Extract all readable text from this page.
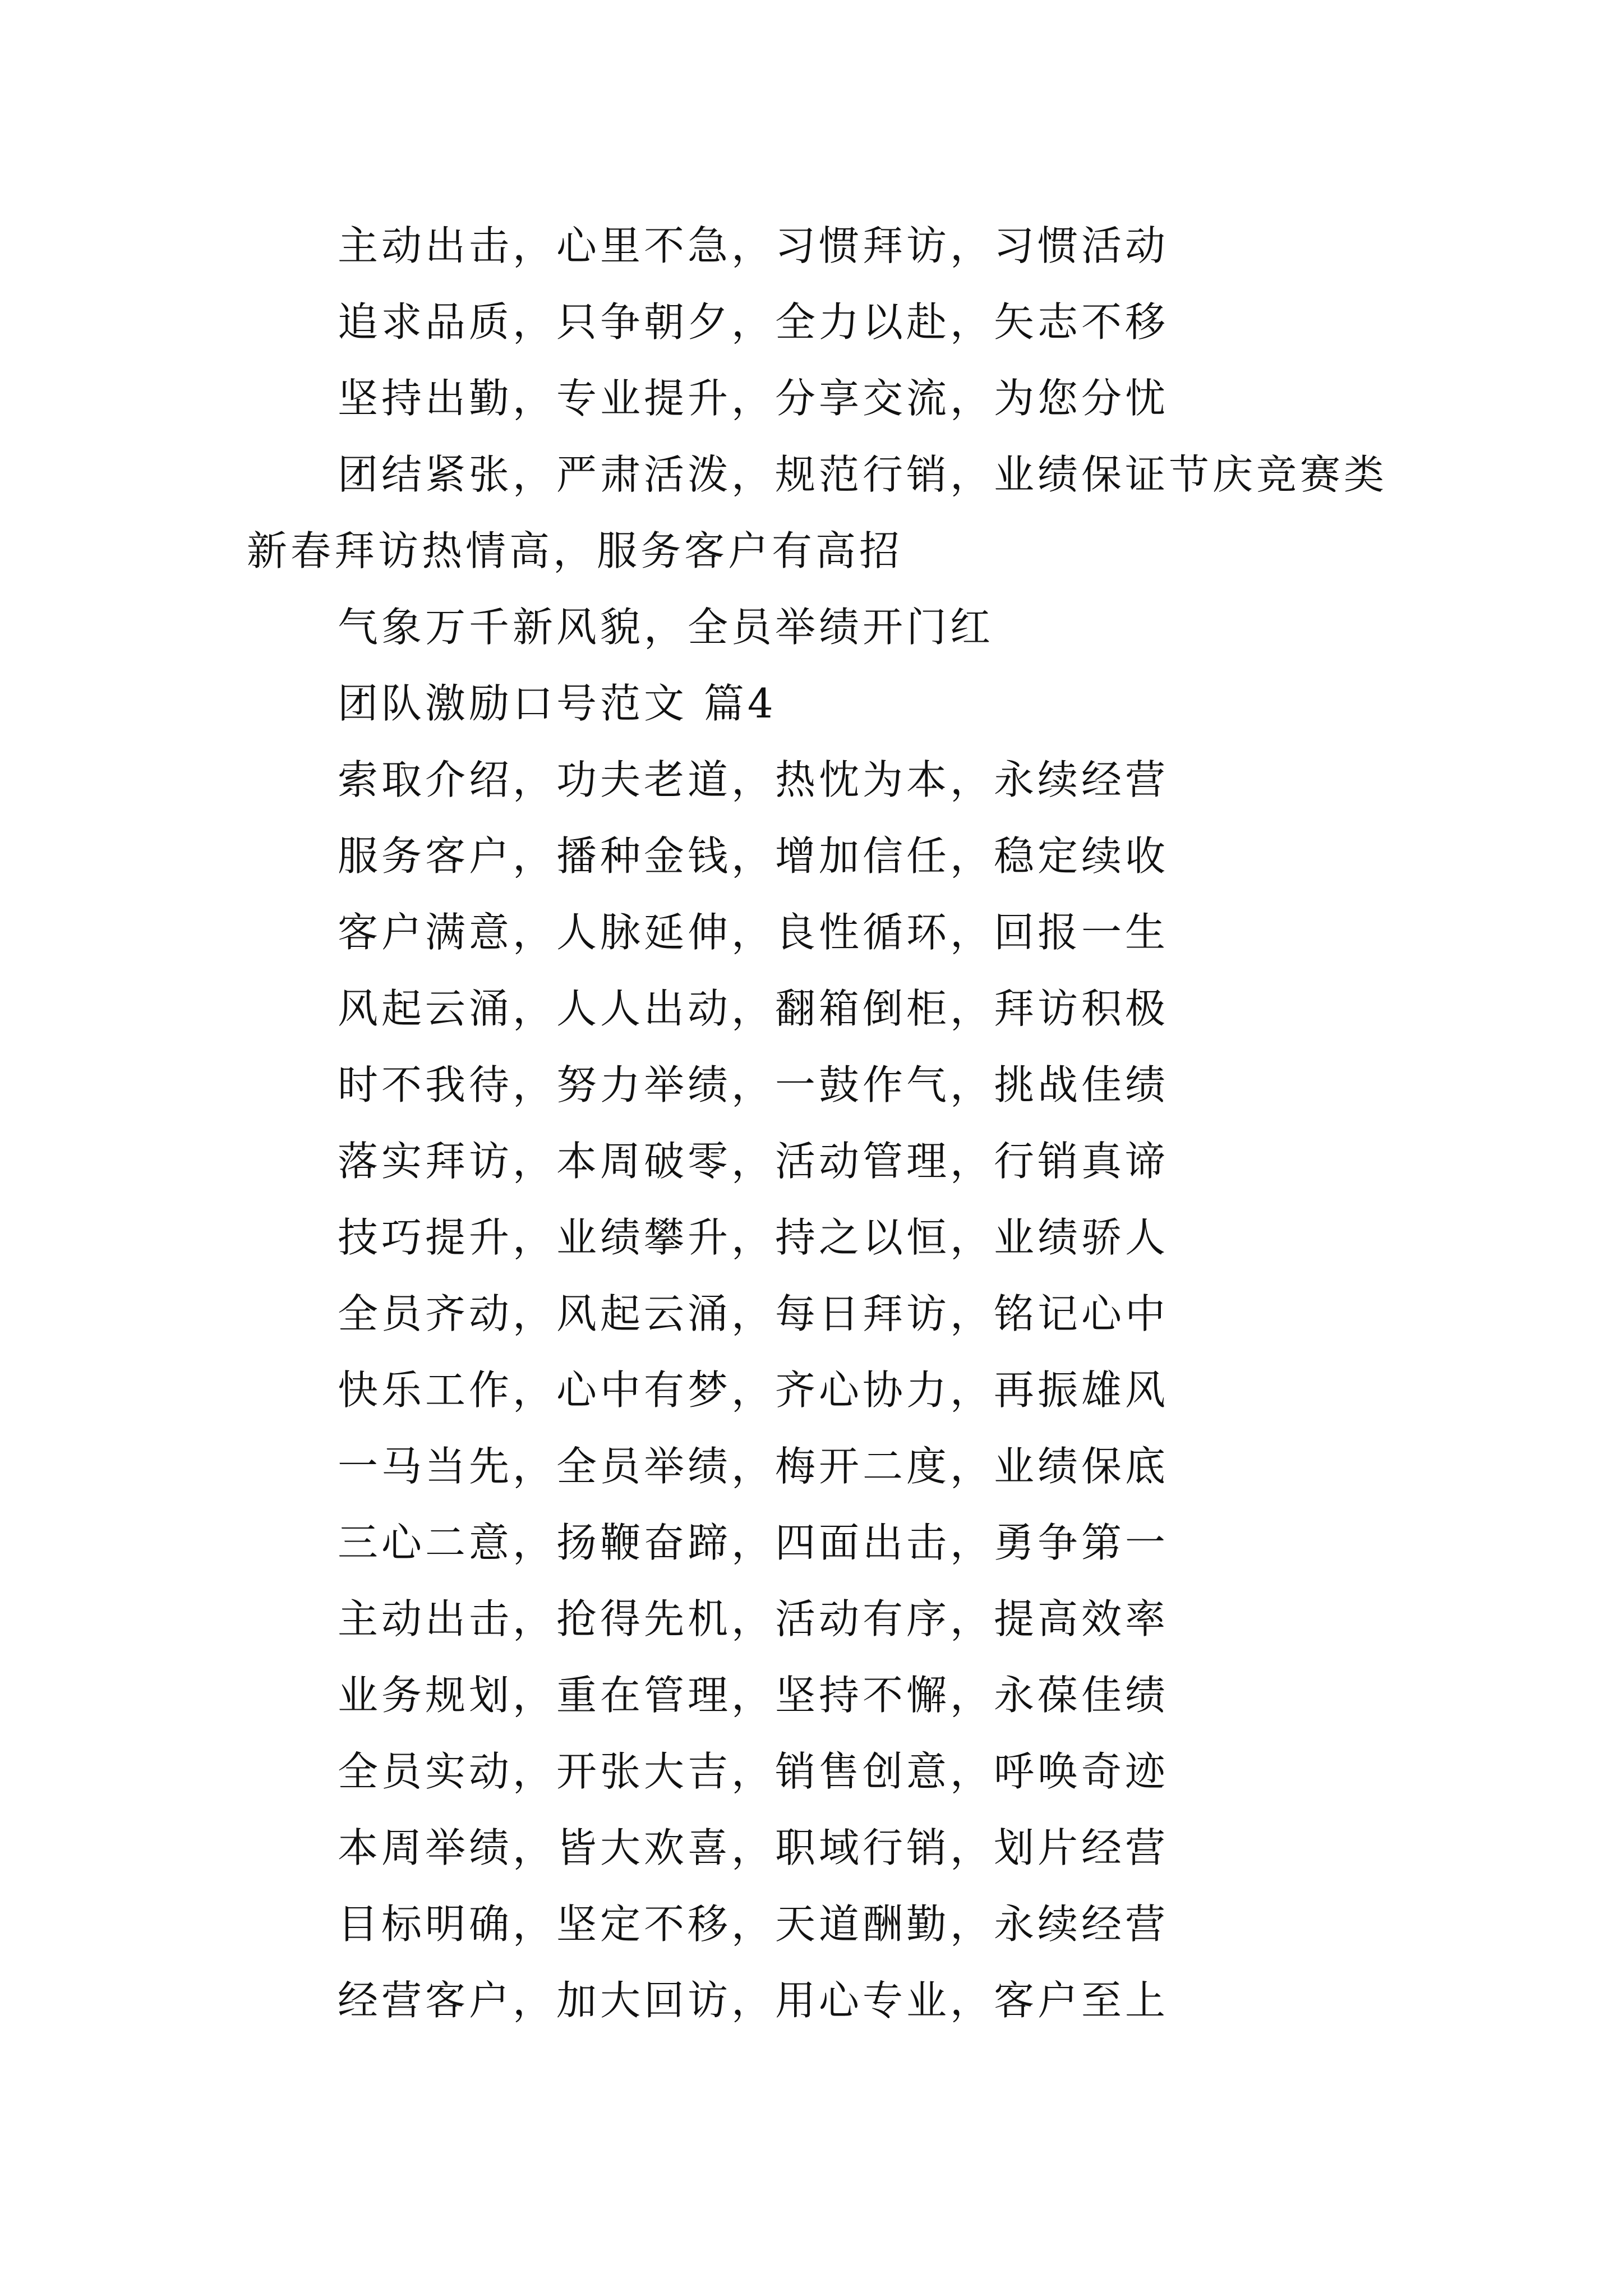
主动出击，心里不急，习惯拜访，习惯活动
追求品质，只争朝夕，全力以赴，矢志不移
坚持出勤，专业提升，分享交流，为您分忧
团结紧张，严肃活泼，规范行销，业绩保证节庆竞赛类
新春拜访热情高，服务客户有高招
气象万千新风貌，全员举绩开门红
团队激励口号范文 篇4
索取介绍，功夫老道，热忱为本，永续经营
服务客户，播种金钱，增加信任，稳定续收
客户满意，人脉延伸，良性循环，回报一生
风起云涌，人人出动，翻箱倒柜，拜访积极
时不我待，努力举绩，一鼓作气，挑战佳绩
落实拜访，本周破零，活动管理，行销真谛
技巧提升，业绩攀升，持之以恒，业绩骄人
全员齐动，风起云涌，每日拜访，铭记心中
快乐工作，心中有梦，齐心协力，再振雄风
一马当先，全员举绩，梅开二度，业绩保底
三心二意，扬鞭奋蹄，四面出击，勇争第一
主动出击，抢得先机，活动有序，提高效率
业务规划，重在管理，坚持不懈，永葆佳绩
全员实动，开张大吉，销售创意，呼唤奇迹
本周举绩，皆大欢喜，职域行销，划片经营
目标明确，坚定不移，天道酬勤，永续经营
经营客户，加大回访，用心专业，客户至上
